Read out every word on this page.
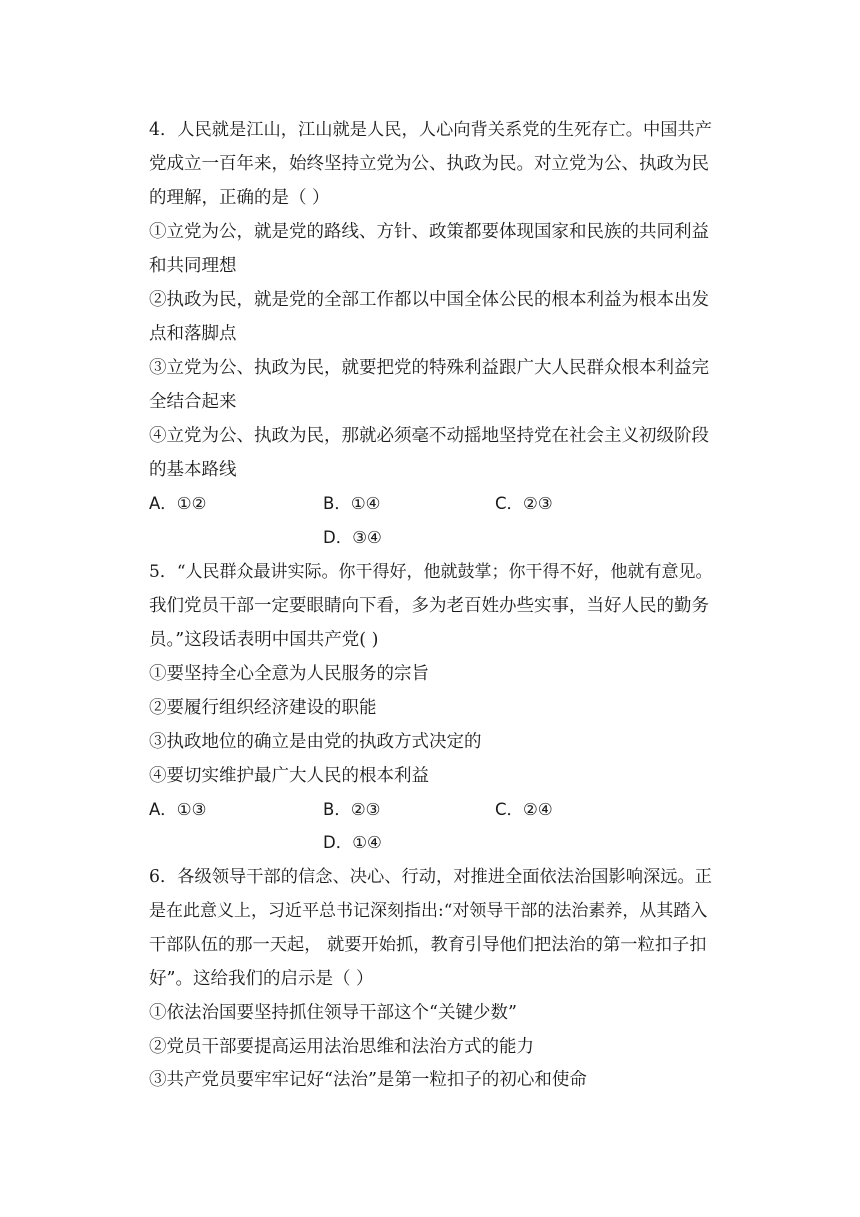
4．人民就是江山，江山就是人民，人心向背关系党的生死存亡。中国共产
党成立一百年来，始终坚持立党为公、执政为民。对立党为公、执政为民
的理解，正确的是（ ）
①立党为公，就是党的路线、方针、政策都要体现国家和民族的共同利益
和共同理想
②执政为民，就是党的全部工作都以中国全体公民的根本利益为根本出发
点和落脚点
③立党为公、执政为民，就要把党的特殊利益跟广大人民群众根本利益完
全结合起来
④立党为公、执政为民，那就必须毫不动摇地坚持党在社会主义初级阶段
的基本路线
A．①②	B．①④	C．②③
D．③④
5．“人民群众最讲实际。你干得好，他就鼓掌；你干得不好，他就有意见。
我们党员干部一定要眼睛向下看，多为老百姓办些实事，当好人民的勤务
员。”这段话表明中国共产党( )
①要坚持全心全意为人民服务的宗旨
②要履行组织经济建设的职能
③执政地位的确立是由党的执政方式决定的
④要切实维护最广大人民的根本利益
A．①③	B．②③	C．②④
D．①④
6．各级领导干部的信念、决心、行动，对推进全面依法治国影响深远。正
是在此意义上，习近平总书记深刻指出:“对领导干部的法治素养，从其踏入
干部队伍的那一天起， 就要开始抓，教育引导他们把法治的第一粒扣子扣
好”。这给我们的启示是（ ）
①依法治国要坚持抓住领导干部这个“关键少数”
②党员干部要提高运用法治思维和法治方式的能力
③共产党员要牢牢记好“法治”是第一粒扣子的初心和使命
